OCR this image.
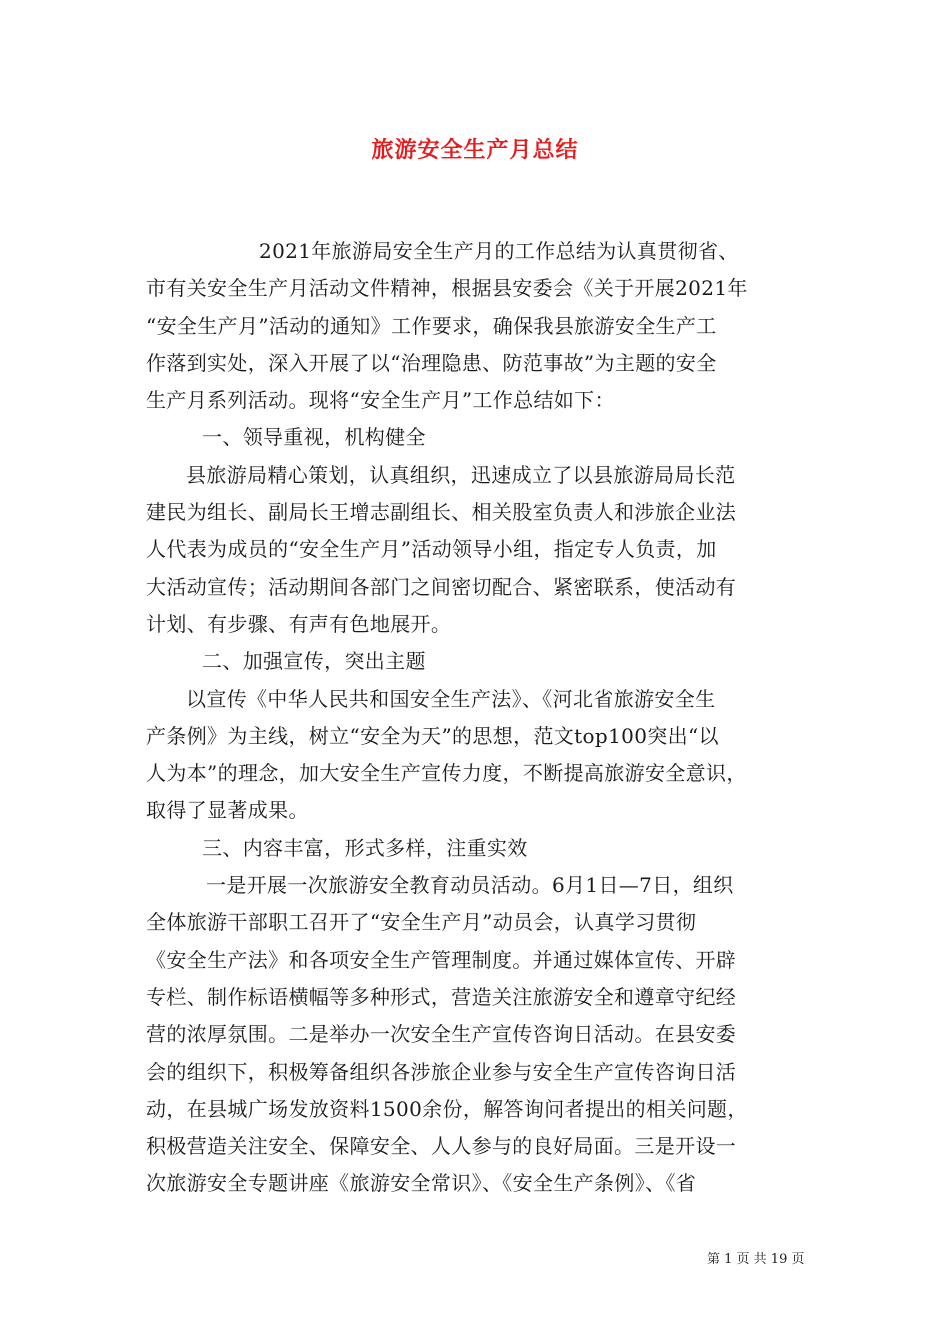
旅游安全生产月总结
2021年旅游局安全生产月的工作总结为认真贯彻省、
市有关安全生产月活动文件精神，根据县安委会《关于开展2021年
“安全生产月”活动的通知》工作要求，确保我县旅游安全生产工
作落到实处，深入开展了以“治理隐患、防范事故”为主题的安全
生产月系列活动。现将“安全生产月”工作总结如下：
一、领导重视，机构健全
县旅游局精心策划，认真组织，迅速成立了以县旅游局局长范
建民为组长、副局长王增志副组长、相关股室负责人和涉旅企业法
人代表为成员的“安全生产月”活动领导小组，指定专人负责，加
大活动宣传；活动期间各部门之间密切配合、紧密联系，使活动有
计划、有步骤、有声有色地展开。
二、加强宣传，突出主题
以宣传《中华人民共和国安全生产法》、《河北省旅游安全生
产条例》为主线，树立“安全为天”的思想，范文top100突出“以
人为本”的理念，加大安全生产宣传力度，不断提高旅游安全意识，
取得了显著成果。
三、内容丰富，形式多样，注重实效
一是开展一次旅游安全教育动员活动。6月1日—7日，组织
全体旅游干部职工召开了“安全生产月”动员会，认真学习贯彻
《安全生产法》和各项安全生产管理制度。并通过媒体宣传、开辟
专栏、制作标语横幅等多种形式，营造关注旅游安全和遵章守纪经
营的浓厚氛围。二是举办一次安全生产宣传咨询日活动。在县安委
会的组织下，积极筹备组织各涉旅企业参与安全生产宣传咨询日活
动，在县城广场发放资料1500余份，解答询问者提出的相关问题，
积极营造关注安全、保障安全、人人参与的良好局面。三是开设一
次旅游安全专题讲座《旅游安全常识》、《安全生产条例》、《省
第 1 页 共 19 页
